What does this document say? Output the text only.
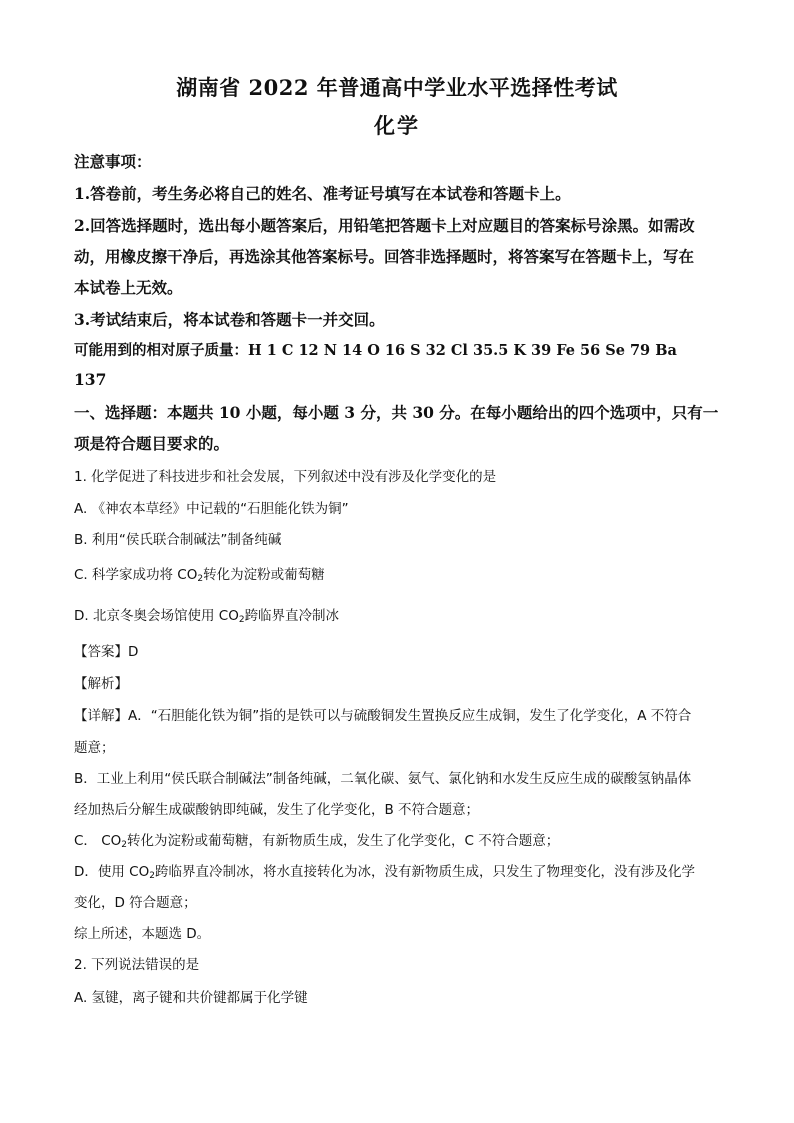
湖南省 2022 年普通高中学业水平选择性考试
化学
注意事项：
1.答卷前，考生务必将自己的姓名、准考证号填写在本试卷和答题卡上。
2.回答选择题时，选出每小题答案后，用铅笔把答题卡上对应题目的答案标号涂黑。如需改
动，用橡皮擦干净后，再选涂其他答案标号。回答非选择题时，将答案写在答题卡上，写在
本试卷上无效。
3.考试结束后，将本试卷和答题卡一并交回。
可能用到的相对原子质量：H 1 C 12 N 14 O 16 S 32 Cl 35.5 K 39 Fe 56 Se 79 Ba
137
一、选择题：本题共 10 小题，每小题 3 分，共 30 分。在每小题给出的四个选项中，只有一
项是符合题目要求的。
1. 化学促进了科技进步和社会发展，下列叙述中没有涉及化学变化的是
A. 《神农本草经》中记载的“石胆能化铁为铜”
B. 利用“侯氏联合制碱法”制备纯碱
C. 科学家成功将 $CO_2$转化为淀粉或葡萄糖
D. 北京冬奥会场馆使用 $CO_2$跨临界直冷制冰
【答案】D
【解析】
【详解】A．“石胆能化铁为铜”指的是铁可以与硫酸铜发生置换反应生成铜，发生了化学变化，A 不符合
题意；
B．工业上利用“侯氏联合制碱法”制备纯碱，二氧化碳、氨气、氯化钠和水发生反应生成的碳酸氢钠晶体
经加热后分解生成碳酸钠即纯碱，发生了化学变化，B 不符合题意；
C． $CO_2$转化为淀粉或葡萄糖，有新物质生成，发生了化学变化，C 不符合题意；
D．使用 $CO_2$跨临界直冷制冰，将水直接转化为冰，没有新物质生成，只发生了物理变化，没有涉及化学
变化，D 符合题意；
综上所述，本题选 D。
2. 下列说法错误的是
A. 氢键，离子键和共价键都属于化学键
